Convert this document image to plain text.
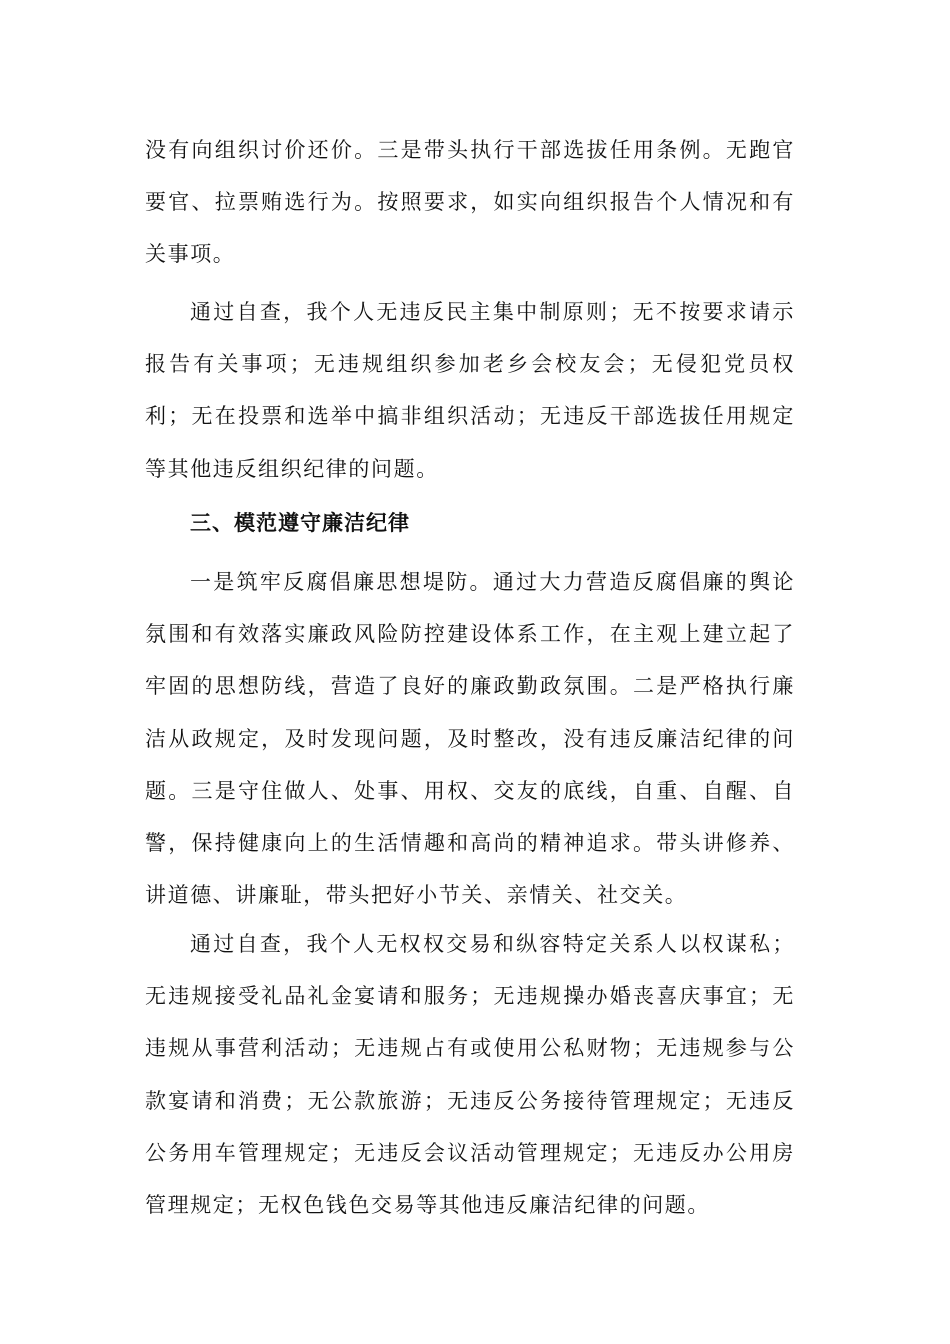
没有向组织讨价还价。三是带头执行干部选拔任用条例。无跑官要官、拉票贿选行为。按照要求，如实向组织报告个人情况和有关事项。

通过自查，我个人无违反民主集中制原则；无不按要求请示报告有关事项；无违规组织参加老乡会校友会；无侵犯党员权利；无在投票和选举中搞非组织活动；无违反干部选拔任用规定等其他违反组织纪律的问题。

三、模范遵守廉洁纪律

一是筑牢反腐倡廉思想堤防。通过大力营造反腐倡廉的舆论氛围和有效落实廉政风险防控建设体系工作，在主观上建立起了牢固的思想防线，营造了良好的廉政勤政氛围。二是严格执行廉洁从政规定，及时发现问题，及时整改，没有违反廉洁纪律的问题。三是守住做人、处事、用权、交友的底线，自重、自醒、自警，保持健康向上的生活情趣和高尚的精神追求。带头讲修养、讲道德、讲廉耻，带头把好小节关、亲情关、社交关。

通过自查，我个人无权权交易和纵容特定关系人以权谋私；无违规接受礼品礼金宴请和服务；无违规操办婚丧喜庆事宜；无违规从事营利活动；无违规占有或使用公私财物；无违规参与公款宴请和消费；无公款旅游；无违反公务接待管理规定；无违反公务用车管理规定；无违反会议活动管理规定；无违反办公用房管理规定；无权色钱色交易等其他违反廉洁纪律的问题。
